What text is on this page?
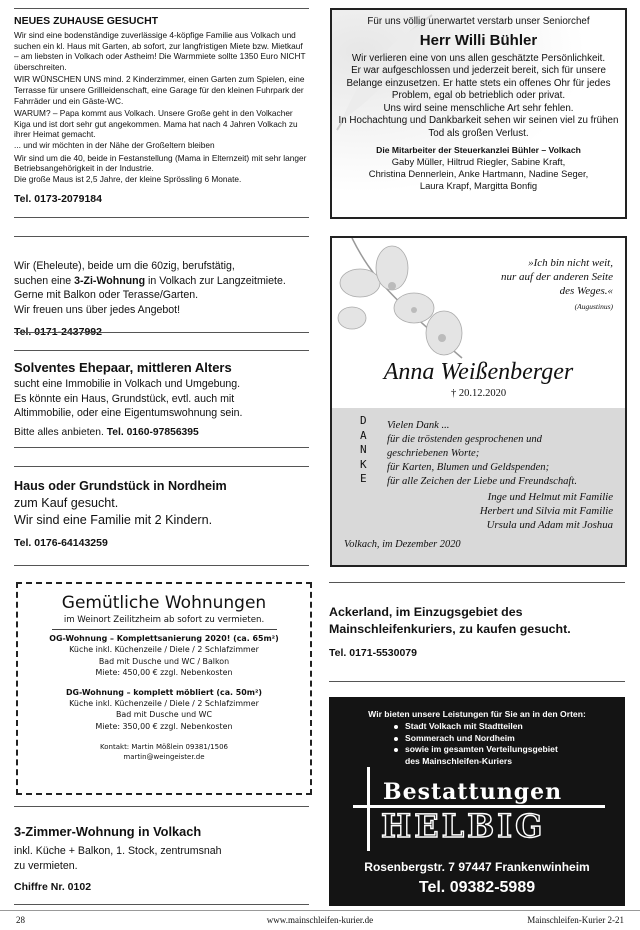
NEUES ZUHAUSE GESUCHT

Wir sind eine bodenständige zuverlässige 4-köpfige Familie aus Volkach und suchen ein kl. Haus mit Garten, ab sofort, zur langfristigen Miete bzw. Mietkauf – am liebsten in Volkach oder Astheim! Die Warmmiete sollte 1350 Euro NICHT überschreiten.

WIR WÜNSCHEN UNS mind. 2 Kinderzimmer, einen Garten zum Spielen, eine Terrasse für unsere Grillleidenschaft, eine Garage für den kleinen Fuhrpark der Fahrräder und ein Gäste-WC.

WARUM? – Papa kommt aus Volkach. Unsere Große geht in den Volkacher Kiga und ist dort sehr gut angekommen. Mama hat nach 4 Jahren Volkach zu ihrer Heimat gemacht.

... und wir möchten in der Nähe der Großeltern bleiben

Wir sind um die 40, beide in Festanstellung (Mama in Elternzeit) mit sehr langer Betriebsangehörigkeit in der Industrie.

Die große Maus ist 2,5 Jahre, der kleine Sprössling 6 Monate.

Tel. 0173-2079184

Wir (Eheleute), beide um die 60zig, berufstätig,

suchen eine 3-Zi-Wohnung in Volkach zur Langzeitmiete.

Gerne mit Balkon oder Terasse/Garten.

Wir freuen uns über jedes Angebot!

Tel. 0171-2437992

Solventes Ehepaar, mittleren Alters

sucht eine Immobilie in Volkach und Umgebung.

Es könnte ein Haus, Grundstück, evtl. auch mit

Altimmobilie, oder eine Eigentumswohnung sein.

Bitte alles anbieten. Tel. 0160-97856395

Haus oder Grundstück in Nordheim

zum Kauf gesucht.

Wir sind eine Familie mit 2 Kindern.

Tel. 0176-64143259

Gemütliche Wohnungen
im Weinort Zeilitzheim ab sofort zu vermieten.
OG-Wohnung – Komplettsanierung 2020! (ca. 65m²)
Küche inkl. Küchenzeile / Diele / 2 Schlafzimmer
Bad mit Dusche und WC / Balkon
Miete: 450,00 € zzgl. Nebenkosten
DG-Wohnung – komplett möbliert (ca. 50m²)
Küche inkl. Küchenzeile / Diele / 2 Schlafzimmer
Bad mit Dusche und WC
Miete: 350,00 € zzgl. Nebenkosten
Kontakt: Martin Mößlein 09381/1506
martin@weingeister.de

3-Zimmer-Wohnung in Volkach

inkl. Küche + Balkon, 1. Stock, zentrumsnah

zu vermieten.

Chiffre Nr. 0102

Für uns völlig unerwartet verstarb unser Seniorchef
Herr Willi Bühler
Wir verlieren eine von uns allen geschätzte Persönlichkeit.
Er war aufgeschlossen und jederzeit bereit, sich für unsere
Belange einzusetzen. Er hatte stets ein offenes Ohr für jedes
Problem, egal ob betrieblich oder privat.
Uns wird seine menschliche Art sehr fehlen.
In Hochachtung und Dankbarkeit sehen wir seinen viel zu frühen
Tod als großen Verlust.
Die Mitarbeiter der Steuerkanzlei Bühler – Volkach
Gaby Müller, Hiltrud Riegler, Sabine Kraft,
Christina Dennerlein, Anke Hartmann, Nadine Seger,
Laura Krapf, Margitta Bonfig
»Ich bin nicht weit,
nur auf der anderen Seite
des Weges.«
(Augustinus)
Anna Weißenberger
† 20.12.2020
D
A
N
K
E
Vielen Dank ...
für die tröstenden gesprochenen und
geschriebenen Worte;
für Karten, Blumen und Geldspenden;
für alle Zeichen der Liebe und Freundschaft.
Inge und Helmut mit Familie
Herbert und Silvia mit Familie
Ursula und Adam mit Joshua
Volkach, im Dezember 2020
Ackerland, im Einzugsgebiet des
Mainschleifenkuriers, zu kaufen gesucht.
Tel. 0171-5530079
Wir bieten unsere Leistungen für Sie an in den Orten:
Stadt Volkach mit Stadtteilen
Sommerach und Nordheim
sowie im gesamten Verteilungsgebiet
des Mainschleifen-Kuriers
Bestattungen
HELBIG
Rosenbergstr. 7 97447 Frankenwinheim
Tel. 09382-5989
28	www.mainschleifen-kurier.de	Mainschleifen-Kurier 2-21
